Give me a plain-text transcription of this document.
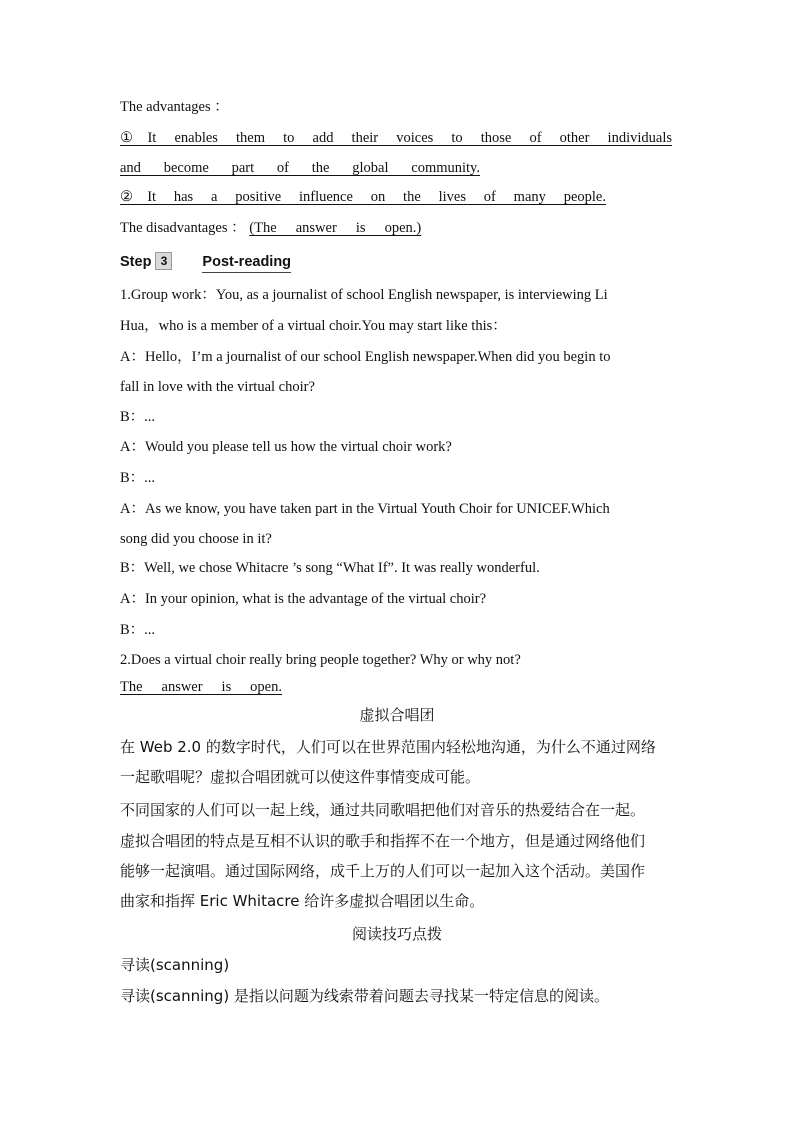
The advantages ：
①It enables them to add their voices to those of other individuals
and become part of the global community.
②It has a positive influence on the lives of many people.
The disadvantages ： (The answer is open.)
Step 3 Post-reading
1.Group work：You, as a journalist of school English newspaper, is interviewing Li
Hua，who is a member of a virtual choir.You may start like this：
A：Hello，I’m a journalist of our school English newspaper.When did you begin to
fall in love with the virtual choir?
B：...
A：Would you please tell us how the virtual choir work?
B：...
A：As we know, you have taken part in the Virtual Youth Choir for UNICEF.Which
song did you choose in it?
B：Well, we chose Whitacre ’s song “What If”. It was really wonderful.
A：In your opinion, what is the advantage of the virtual choir?
B：...
2.Does a virtual choir really bring people together? Why or why not?
The answer is open.
虚拟合唱团
在 Web 2.0 的数字时代，人们可以在世界范围内轻松地沟通，为什么不通过网络
一起歌唱呢？虚拟合唱团就可以使这件事情变成可能。
不同国家的人们可以一起上线，通过共同歌唱把他们对音乐的热爱结合在一起。
虚拟合唱团的特点是互相不认识的歌手和指挥不在一个地方，但是通过网络他们
能够一起演唱。通过国际网络，成千上万的人们可以一起加入这个活动。美国作
曲家和指挥 Eric Whitacre 给许多虚拟合唱团以生命。
阅读技巧点拨
寻读(scanning)
寻读(scanning) 是指以问题为线索带着问题去寻找某一特定信息的阅读。
